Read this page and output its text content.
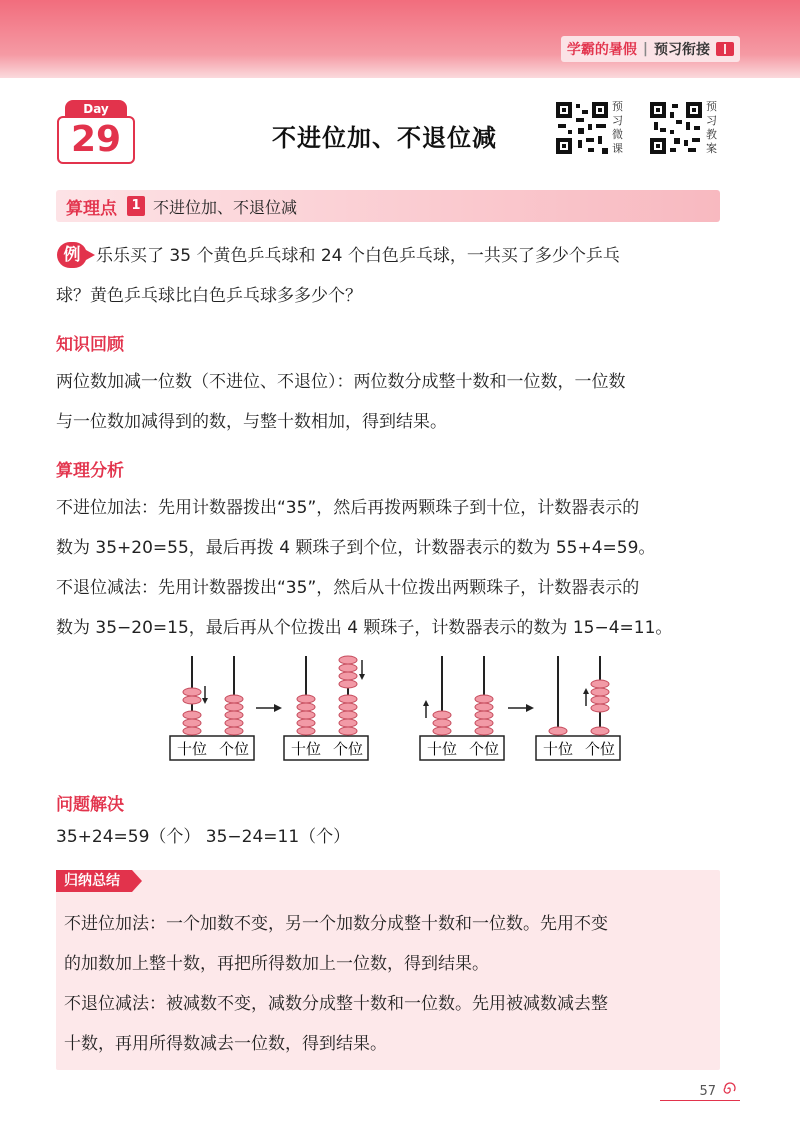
学霸的暑假 | 预习衔接
Day
29	不进位加、不退位减
预习微课
预习教案
算理点	1 不进位加、不退位减
例 乐乐买了 35 个黄色乒乓球和 24 个白色乒乓球，一共买了多少个乒乓
球？黄色乒乓球比白色乒乓球多多少个？
知识回顾
两位数加减一位数（不进位、不退位）：两位数分成整十数和一位数，一位数
与一位数加减得到的数，与整十数相加，得到结果。
算理分析
不进位加法：先用计数器拨出“35”，然后再拨两颗珠子到十位，计数器表示的
数为 35+20=55，最后再拨 4 颗珠子到个位，计数器表示的数为 55+4=59。
不退位减法：先用计数器拨出“35”，然后从十位拨出两颗珠子，计数器表示的
数为 35−20=15，最后再从个位拨出 4 颗珠子，计数器表示的数为 15−4=11。
十位 个位	十位 个位	十位 个位	十位 个位
问题解决
35+24=59（个） 35−24=11（个）
归纳总结
不进位加法：一个加数不变，另一个加数分成整十数和一位数。先用不变
的加数加上整十数，再把所得数加上一位数，得到结果。
不退位减法：被减数不变，减数分成整十数和一位数。先用被减数减去整
十数，再用所得数减去一位数，得到结果。
57
